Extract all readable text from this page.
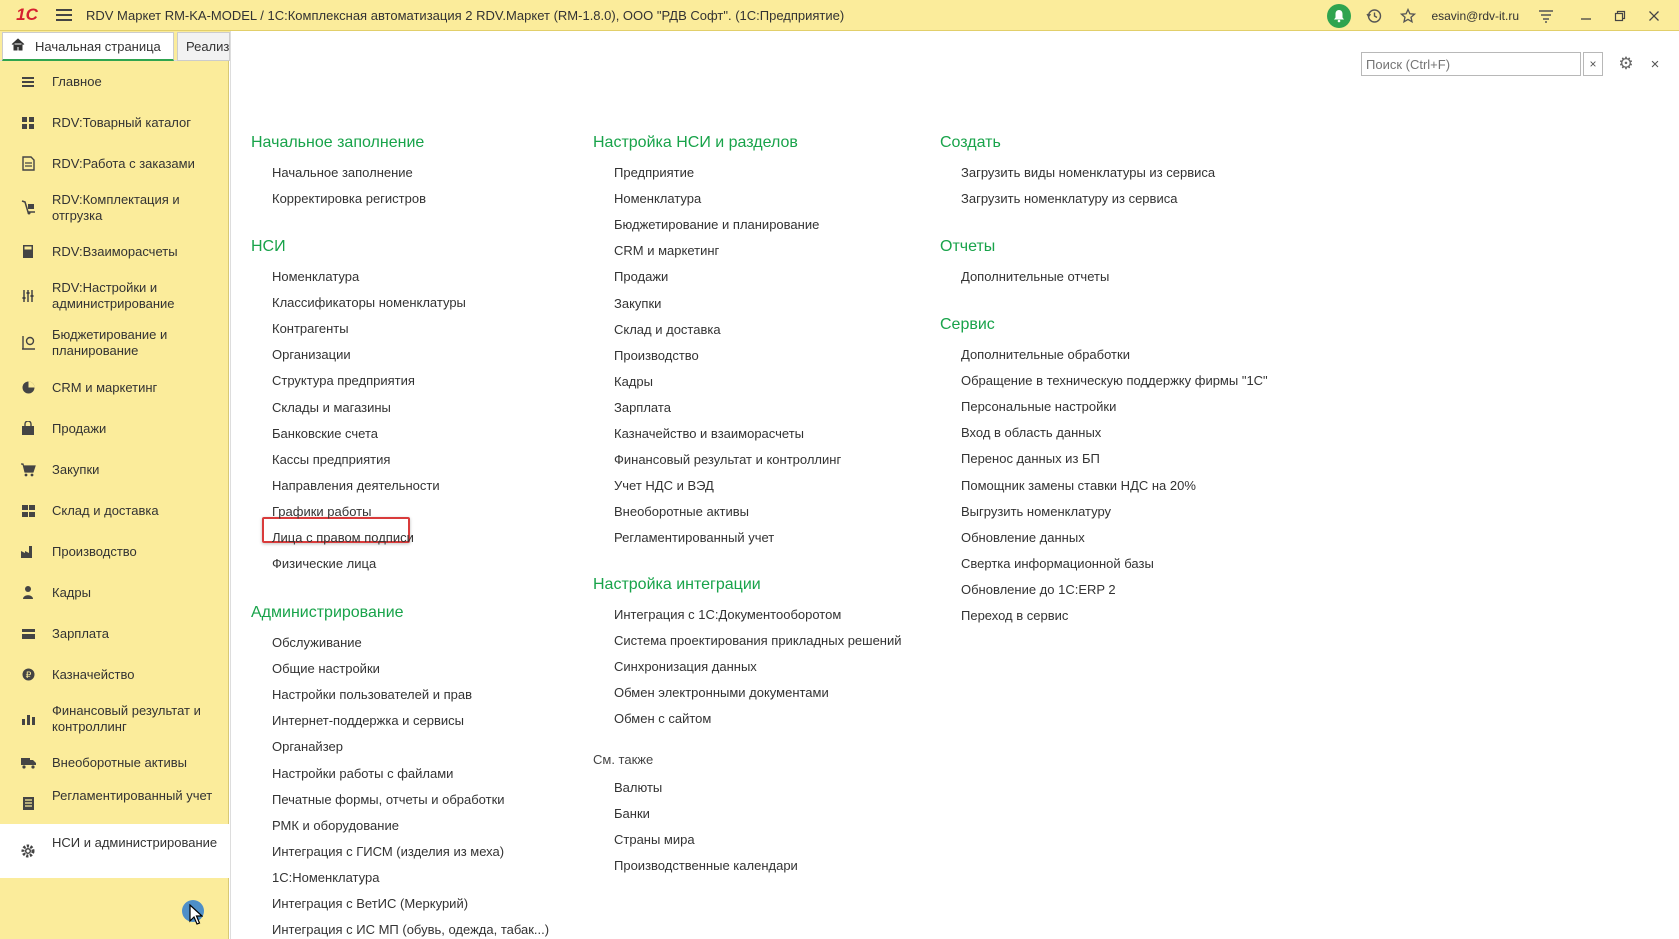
1С	RDV Маркет RM-KA-MODEL / 1С:Комплексная автоматизация 2 RDV.Маркет (RM-1.8.0), ООО "РДВ Софт". (1С:Предприятие)	esavin@rdv-it.ru
Начальная страница	Реализ
Главное
RDV:Товарный каталог
RDV:Работа с заказами
RDV:Комплектация и отгрузка
RDV:Взаиморасчеты
RDV:Настройки и администрирование
Бюджетирование и планирование
CRM и маркетинг
Продажи
Закупки
Склад и доставка
Производство
Кадры
Зарплата
₽ Казначейство
Финансовый результат и контроллинг
Внеоборотные активы
Регламентированный учет
НСИ и администрирование
Поиск (Ctrl+F)
×	⚙	×
Начальное заполнение
Начальное заполнение
Корректировка регистров
НСИ
Номенклатура
Классификаторы номенклатуры
Контрагенты
Организации
Структура предприятия
Склады и магазины
Банковские счета
Кассы предприятия
Направления деятельности
Графики работы
Лица с правом подписи
Физические лица
Администрирование
Обслуживание
Общие настройки
Настройки пользователей и прав
Интернет-поддержка и сервисы
Органайзер
Настройки работы с файлами
Печатные формы, отчеты и обработки
РМК и оборудование
Интеграция с ГИСМ (изделия из меха)
1С:Номенклатура
Интеграция с ВетИС (Меркурий)
Интеграция с ИС МП (обувь, одежда, табак...)
Настройка НСИ и разделов
Предприятие
Номенклатура
Бюджетирование и планирование
CRM и маркетинг
Продажи
Закупки
Склад и доставка
Производство
Кадры
Зарплата
Казначейство и взаиморасчеты
Финансовый результат и контроллинг
Учет НДС и ВЭД
Внеоборотные активы
Регламентированный учет
Настройка интеграции
Интеграция с 1С:Документооборотом
Система проектирования прикладных решений
Синхронизация данных
Обмен электронными документами
Обмен с сайтом
См. также
Валюты
Банки
Страны мира
Производственные календари
Создать
Загрузить виды номенклатуры из сервиса
Загрузить номенклатуру из сервиса
Отчеты
Дополнительные отчеты
Сервис
Дополнительные обработки
Обращение в техническую поддержку фирмы "1С"
Персональные настройки
Вход в область данных
Перенос данных из БП
Помощник замены ставки НДС на 20%
Выгрузить номенклатуру
Обновление данных
Свертка информационной базы
Обновление до 1С:ERP 2
Переход в сервис
